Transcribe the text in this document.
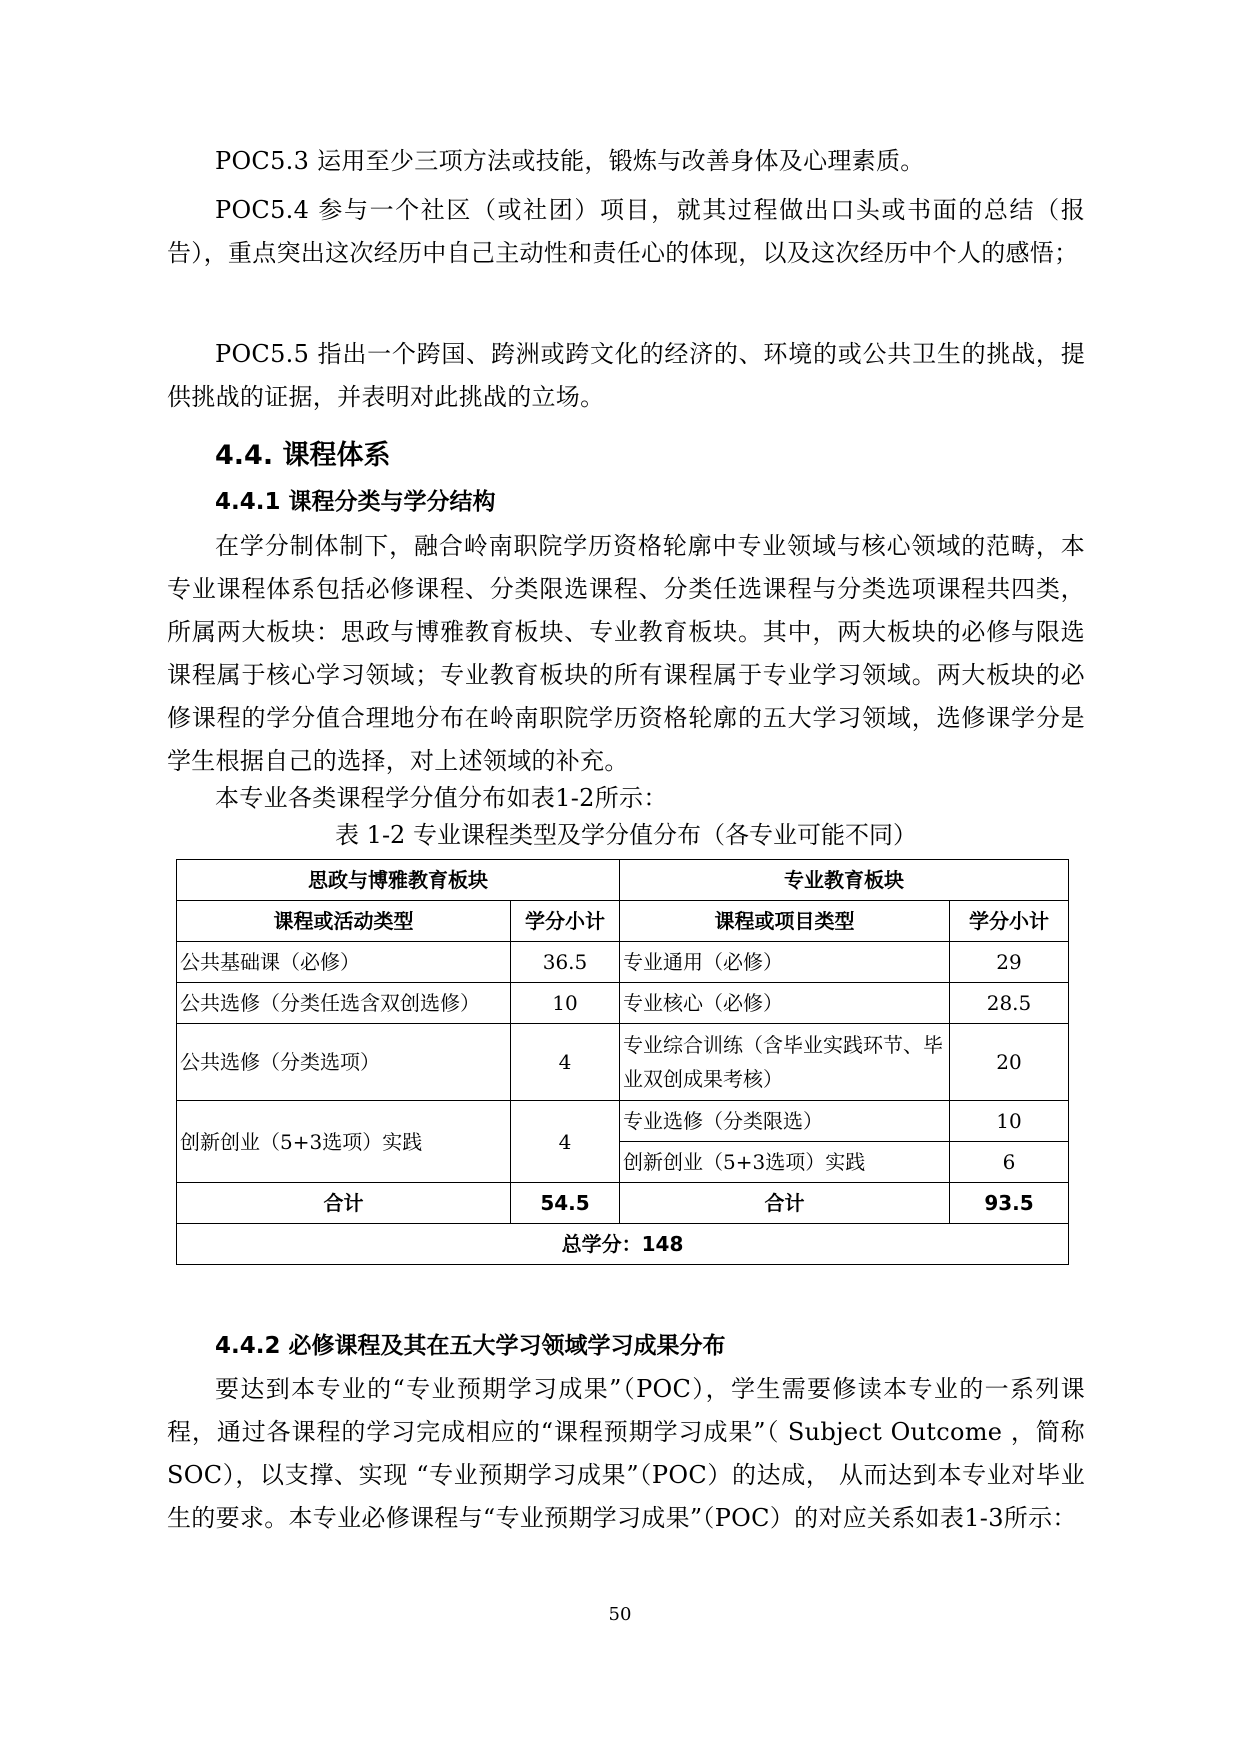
POC5.3 运用至少三项方法或技能，锻炼与改善身体及心理素质。

POC5.4 参与一个社区（或社团）项目，就其过程做出口头或书面的总结（报告），重点突出这次经历中自己主动性和责任心的体现，以及这次经历中个人的感悟；

POC5.5 指出一个跨国、跨洲或跨文化的经济的、环境的或公共卫生的挑战，提供挑战的证据，并表明对此挑战的立场。

4.4. 课程体系
4.4.1 课程分类与学分结构

在学分制体制下，融合岭南职院学历资格轮廓中专业领域与核心领域的范畴，本专业课程体系包括必修课程、分类限选课程、分类任选课程与分类选项课程共四类，所属两大板块：思政与博雅教育板块、专业教育板块。其中，两大板块的必修与限选课程属于核心学习领域；专业教育板块的所有课程属于专业学习领域。两大板块的必修课程的学分值合理地分布在岭南职院学历资格轮廓的五大学习领域，选修课学分是学生根据自己的选择，对上述领域的补充。

本专业各类课程学分值分布如表1-2所示：

表 1-2 专业课程类型及学分值分布（各专业可能不同）

思政与博雅教育板块		专业教育板块	
课程或活动类型	学分小计	课程或项目类型	学分小计
公共基础课（必修）	36.5	专业通用（必修）	29
公共选修（分类任选含双创选修）	10	专业核心（必修）	28.5
公共选修（分类选项）	4	专业综合训练（含毕业实践环节、毕业双创成果考核）	20
创新创业（5+3选项）实践	4	专业选修（分类限选）	10
		创新创业（5+3选项）实践	6
合计	54.5	合计	93.5
总学分：148			
4.4.2 必修课程及其在五大学习领域学习成果分布

要达到本专业的“专业预期学习成果”（POC），学生需要修读本专业的一系列课程，通过各课程的学习完成相应的“课程预期学习成果”（ Subject Outcome ，简称SOC），以支撑、实现 “专业预期学习成果”（POC）的达成， 从而达到本专业对毕业生的要求。本专业必修课程与“专业预期学习成果”（POC）的对应关系如表1-3所示：

50
